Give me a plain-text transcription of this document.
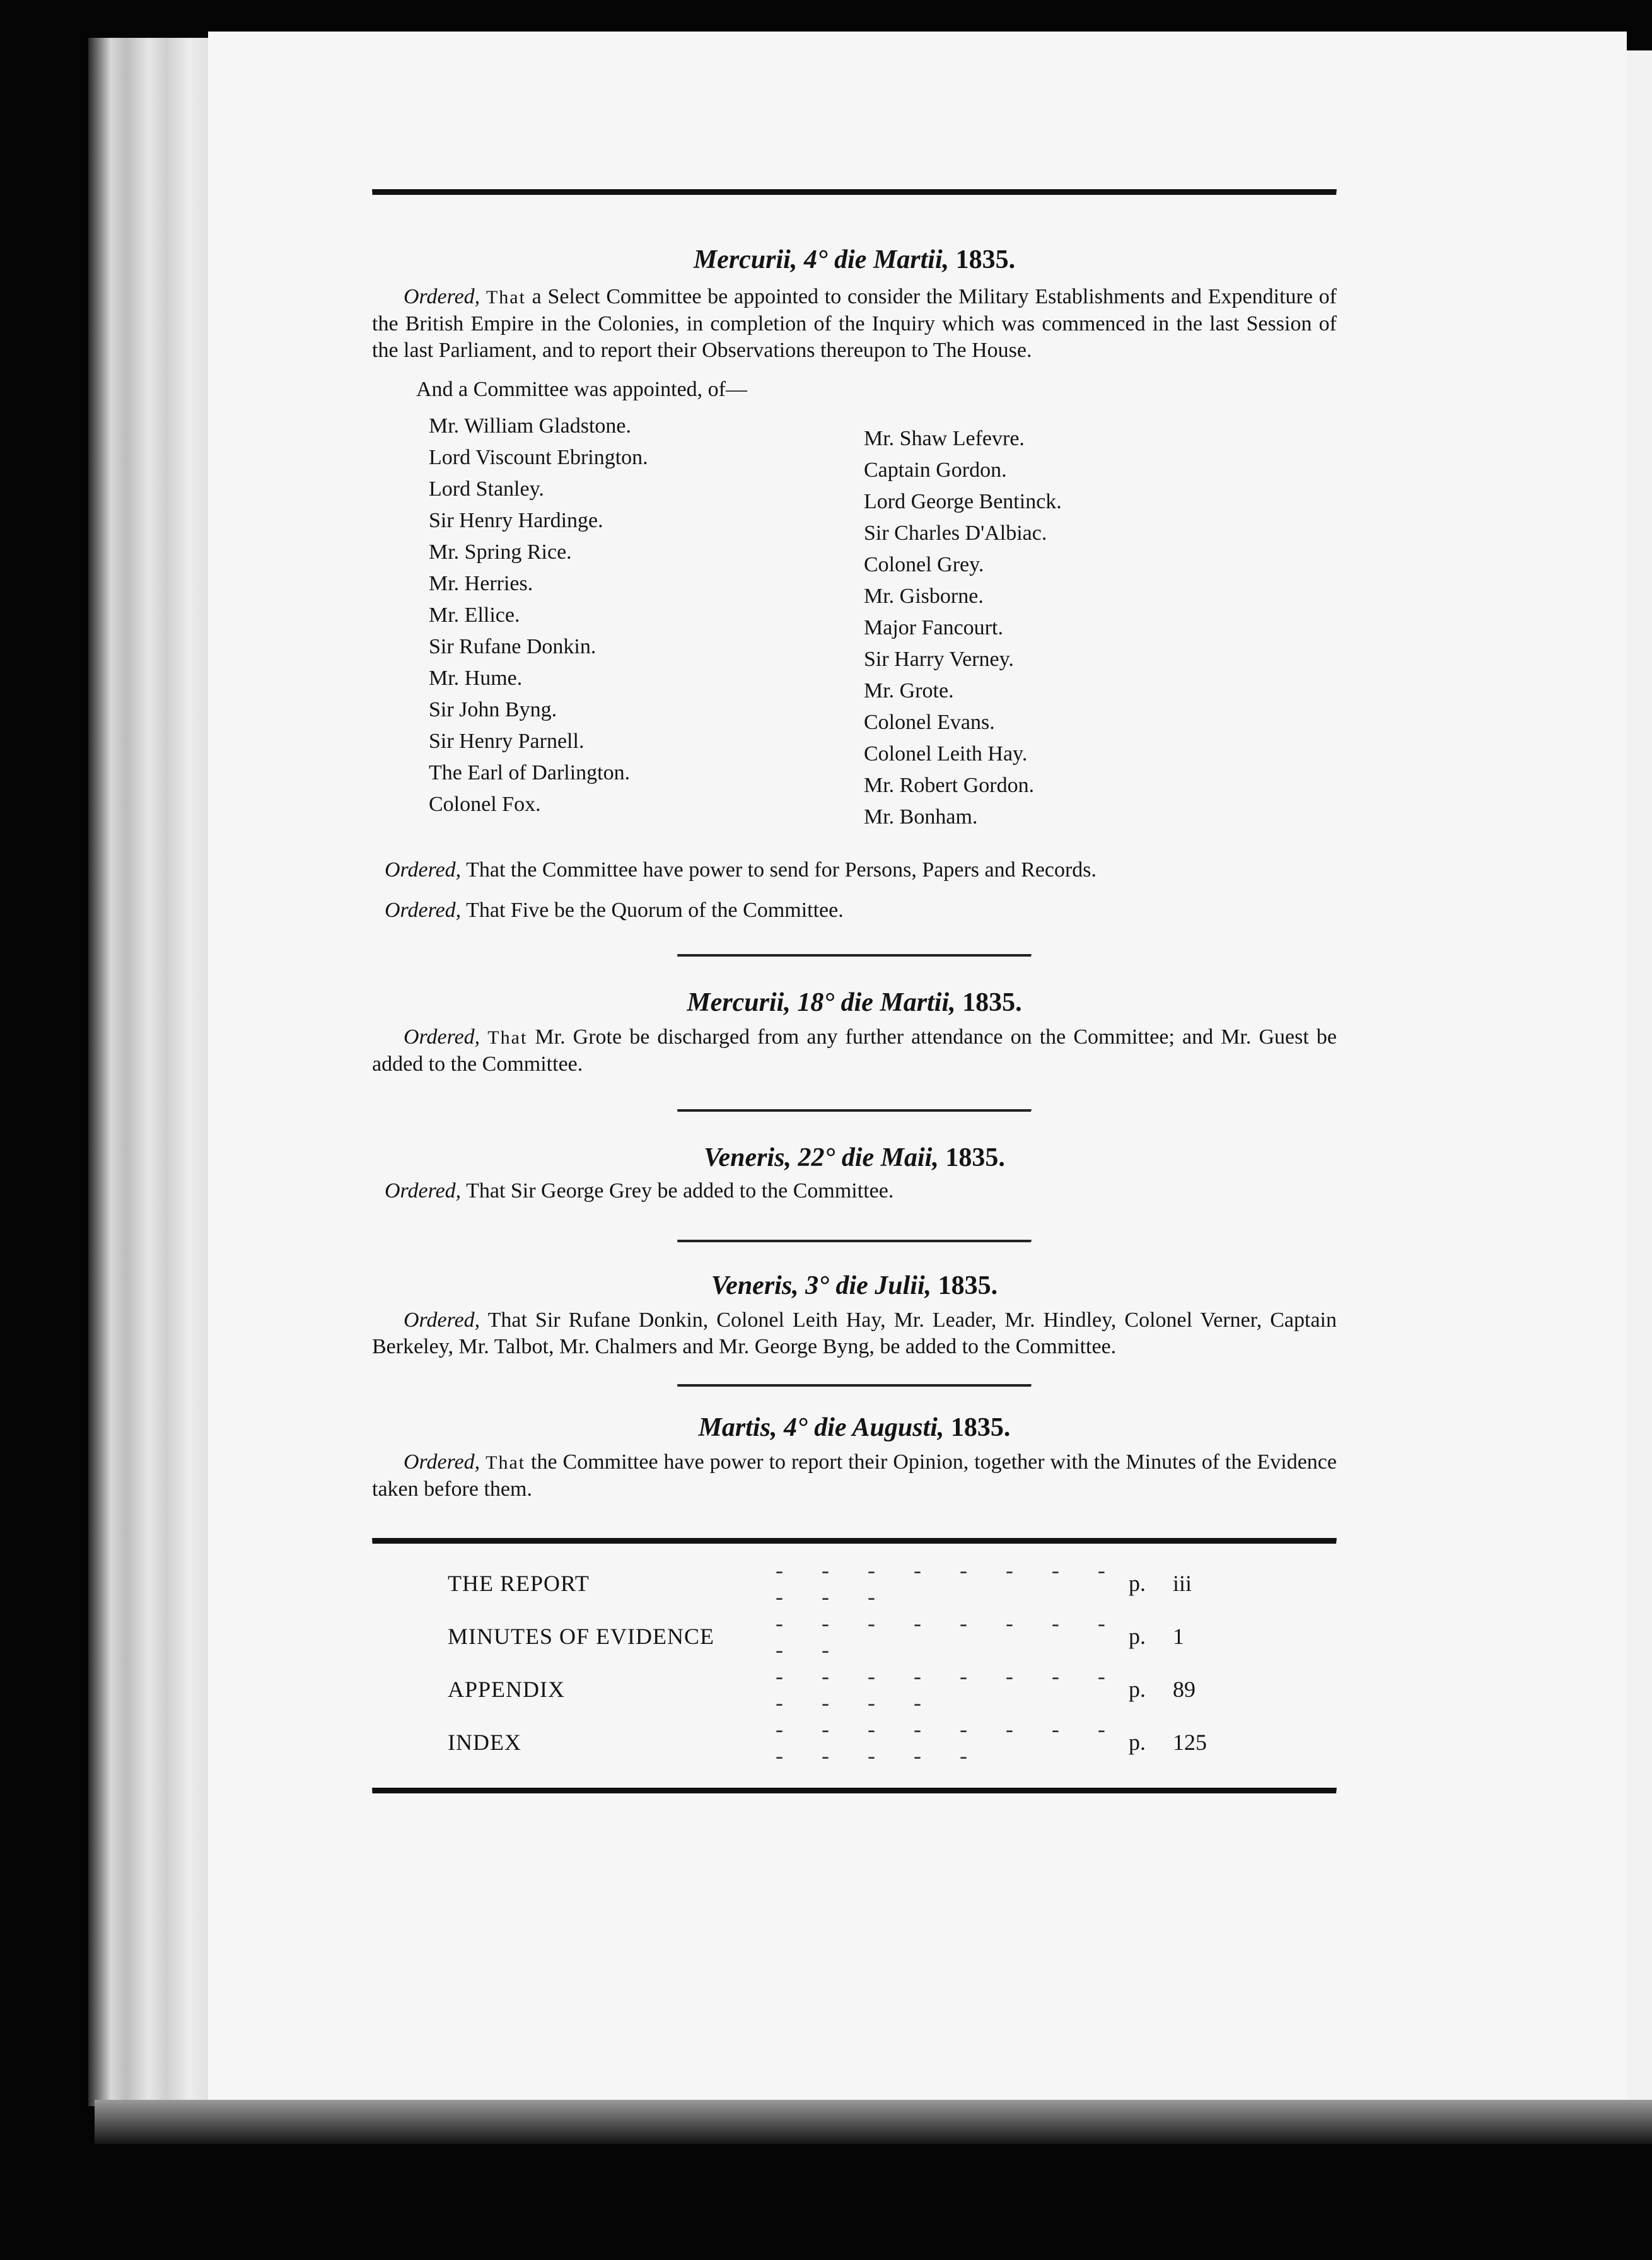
Mercurii, 4° die Martii, 1835.

Ordered, That a Select Committee be appointed to consider the Military Establishments and Expenditure of the British Empire in the Colonies, in completion of the Inquiry which was commenced in the last Session of the last Parliament, and to report their Observations thereupon to The House.

And a Committee was appointed, of—
Mr. William Gladstone.
Lord Viscount Ebrington.
Lord Stanley.
Sir Henry Hardinge.
Mr. Spring Rice.
Mr. Herries.
Mr. Ellice.
Sir Rufane Donkin.
Mr. Hume.
Sir John Byng.
Sir Henry Parnell.
The Earl of Darlington.
Colonel Fox.
Mr. Shaw Lefevre.
Captain Gordon.
Lord George Bentinck.
Sir Charles D'Albiac.
Colonel Grey.
Mr. Gisborne.
Major Fancourt.
Sir Harry Verney.
Mr. Grote.
Colonel Evans.
Colonel Leith Hay.
Mr. Robert Gordon.
Mr. Bonham.

Ordered, That the Committee have power to send for Persons, Papers and Records.

Ordered, That Five be the Quorum of the Committee.

Mercurii, 18° die Martii, 1835.

Ordered, That Mr. Grote be discharged from any further attendance on the Committee; and Mr. Guest be added to the Committee.

Veneris, 22° die Maii, 1835.

Ordered, That Sir George Grey be added to the Committee.

Veneris, 3° die Julii, 1835.

Ordered, That Sir Rufane Donkin, Colonel Leith Hay, Mr. Leader, Mr. Hindley, Colonel Verner, Captain Berkeley, Mr. Talbot, Mr. Chalmers and Mr. George Byng, be added to the Committee.

Martis, 4° die Augusti, 1835.

Ordered, That the Committee have power to report their Opinion, together with the Minutes of the Evidence taken before them.

THE REPORT	- - - - - - - - - - -	p.	iii
MINUTES OF EVIDENCE	- - - - - - - - - -	p.	1
APPENDIX	- - - - - - - - - - - -	p.	89
INDEX	- - - - - - - - - - - - -	p.	125
